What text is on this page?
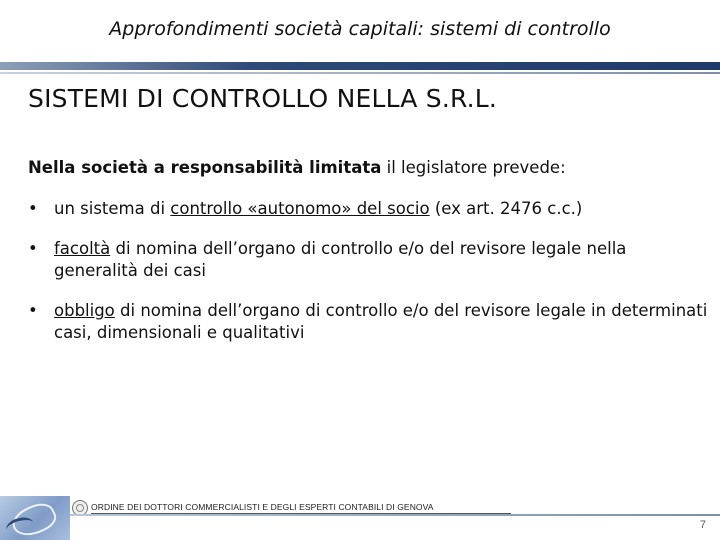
Approfondimenti società capitali: sistemi di controllo
SISTEMI DI CONTROLLO NELLA S.R.L.
Nella società a responsabilità limitata il legislatore prevede:
• un sistema di controllo «autonomo» del socio (ex art. 2476 c.c.)
• facoltà di nomina dell’organo di controllo e/o del revisore legale nella generalità dei casi
• obbligo di nomina dell’organo di controllo e/o del revisore legale in determinati casi, dimensionali e qualitativi
ORDINE DEI DOTTORI COMMERCIALISTI E DEGLI ESPERTI CONTABILI DI GENOVA
7
